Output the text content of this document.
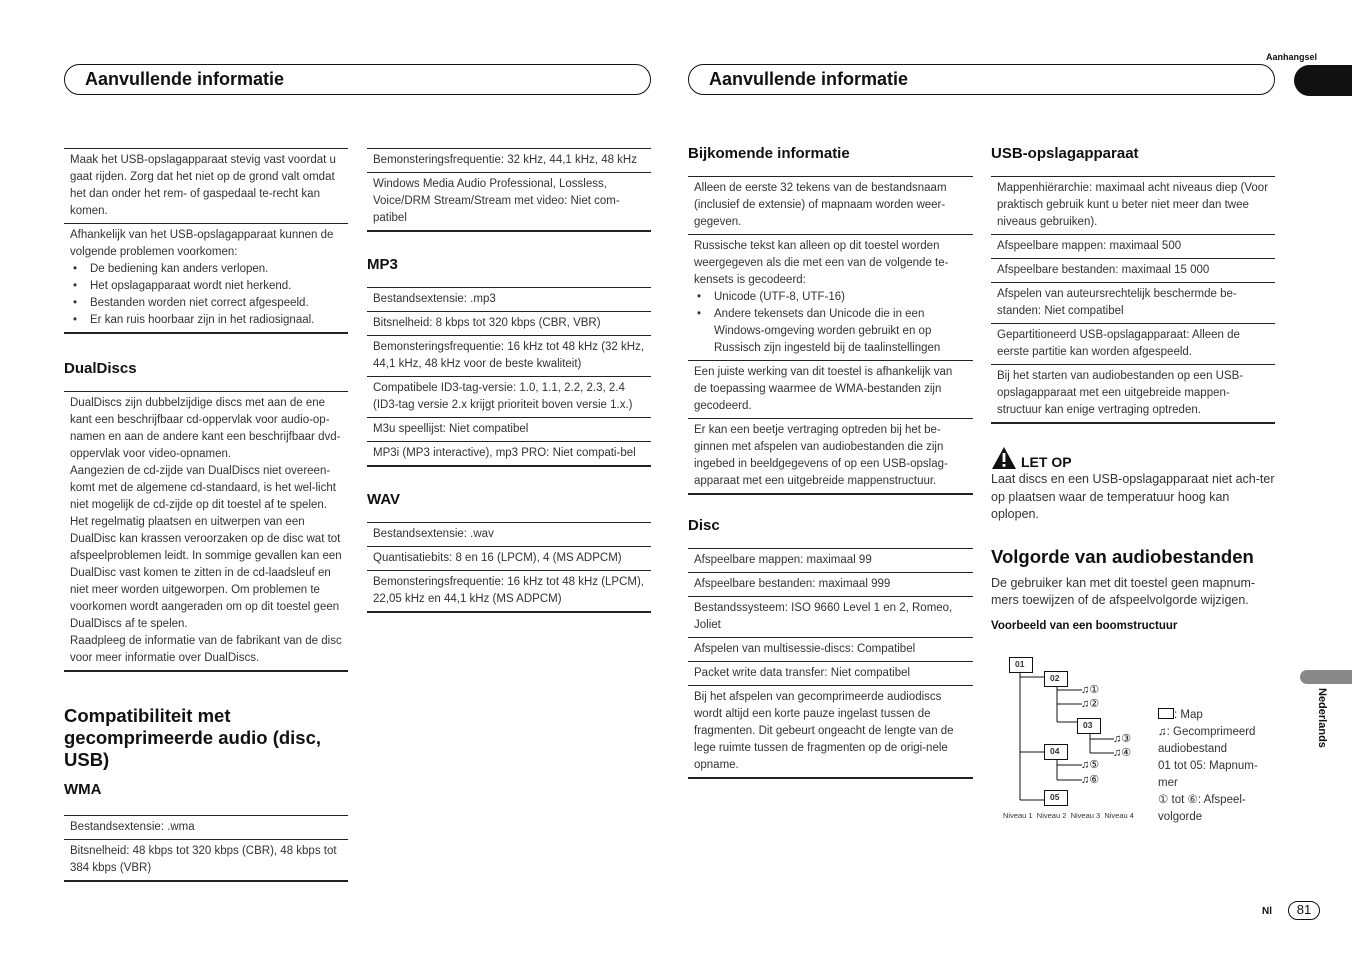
Aanhangsel
Aanvullende informatie	Aanvullende informatie
Maak het USB-opslagapparaat stevig vast voordat u gaat rijden. Zorg dat het niet op de grond valt omdat het dan onder het rem- of gaspedaal te-recht kan komen.
Afhankelijk van het USB-opslagapparaat kunnen de volgende problemen voorkomen:
• De bediening kan anders verlopen.
• Het opslagapparaat wordt niet herkend.
• Bestanden worden niet correct afgespeeld.
• Er kan ruis hoorbaar zijn in het radiosignaal.
DualDiscs
DualDiscs zijn dubbelzijdige discs met aan de ene kant een beschrijfbaar cd-oppervlak voor audio-op-namen en aan de andere kant een beschrijfbaar dvd-oppervlak voor video-opnamen.
Aangezien de cd-zijde van DualDiscs niet overeen-komt met de algemene cd-standaard, is het wel-licht niet mogelijk de cd-zijde op dit toestel af te spelen.
Het regelmatig plaatsen en uitwerpen van een DualDisc kan krassen veroorzaken op de disc wat tot afspeelproblemen leidt. In sommige gevallen kan een DualDisc vast komen te zitten in de cd-laadsleuf en niet meer worden uitgeworpen. Om problemen te voorkomen wordt aangeraden om op dit toestel geen DualDiscs af te spelen.
Raadpleeg de informatie van de fabrikant van de disc voor meer informatie over DualDiscs.
Compatibiliteit met gecomprimeerde audio (disc, USB)
WMA
Bestandsextensie: .wma
Bitsnelheid: 48 kbps tot 320 kbps (CBR), 48 kbps tot 384 kbps (VBR)
Bemonsteringsfrequentie: 32 kHz, 44,1 kHz, 48 kHz
Windows Media Audio Professional, Lossless, Voice/DRM Stream/Stream met video: Niet com-patibel
MP3
Bestandsextensie: .mp3
Bitsnelheid: 8 kbps tot 320 kbps (CBR, VBR)
Bemonsteringsfrequentie: 16 kHz tot 48 kHz (32 kHz, 44,1 kHz, 48 kHz voor de beste kwaliteit)
Compatibele ID3-tag-versie: 1.0, 1.1, 2.2, 2.3, 2.4 (ID3-tag versie 2.x krijgt prioriteit boven versie 1.x.)
M3u speellijst: Niet compatibel
MP3i (MP3 interactive), mp3 PRO: Niet compati-bel
WAV
Bestandsextensie: .wav
Quantisatiebits: 8 en 16 (LPCM), 4 (MS ADPCM)
Bemonsteringsfrequentie: 16 kHz tot 48 kHz (LPCM), 22,05 kHz en 44,1 kHz (MS ADPCM)
Bijkomende informatie
Alleen de eerste 32 tekens van de bestandsnaam (inclusief de extensie) of mapnaam worden weer-gegeven.
Russische tekst kan alleen op dit toestel worden weergegeven als die met een van de volgende te-kensets is gecodeerd:
• Unicode (UTF-8, UTF-16)
• Andere tekensets dan Unicode die in een Windows-omgeving worden gebruikt en op Russisch zijn ingesteld bij de taalinstellingen
Een juiste werking van dit toestel is afhankelijk van de toepassing waarmee de WMA-bestanden zijn gecodeerd.
Er kan een beetje vertraging optreden bij het be-ginnen met afspelen van audiobestanden die zijn ingebed in beeldgegevens of op een USB-opslag-apparaat met een uitgebreide mappenstructuur.
Disc
Afspeelbare mappen: maximaal 99
Afspeelbare bestanden: maximaal 999
Bestandssysteem: ISO 9660 Level 1 en 2, Romeo, Joliet
Afspelen van multisessie-discs: Compatibel
Packet write data transfer: Niet compatibel
Bij het afspelen van gecomprimeerde audiodiscs wordt altijd een korte pauze ingelast tussen de fragmenten. Dit gebeurt ongeacht de lengte van de lege ruimte tussen de fragmenten op de origi-nele opname.
USB-opslagapparaat
Mappenhiërarchie: maximaal acht niveaus diep (Voor praktisch gebruik kunt u beter niet meer dan twee niveaus gebruiken).
Afspeelbare mappen: maximaal 500
Afspeelbare bestanden: maximaal 15 000
Afspelen van auteursrechtelijk beschermde be-standen: Niet compatibel
Gepartitioneerd USB-opslagapparaat: Alleen de eerste partitie kan worden afgespeeld.
Bij het starten van audiobestanden op een USB-opslagapparaat met een uitgebreide mappen-structuur kan enige vertraging optreden.
LET OP
Laat discs en een USB-opslagapparaat niet ach-ter op plaatsen waar de temperatuur hoog kan oplopen.
Volgorde van audiobestanden
De gebruiker kan met dit toestel geen mapnum-mers toewijzen of de afspeelvolgorde wijzigen.
Voorbeeld van een boomstructuur
01
02
03
04
05
♫①
♫②
♫③
♫④
♫⑤
♫⑥
Niveau 1 Niveau 2 Niveau 3 Niveau 4
: Map
♫: Gecomprimeerd audiobestand
01 tot 05: Mapnum-mer
① tot ⑥: Afspeel-volgorde
Nederlands
Nl	81
